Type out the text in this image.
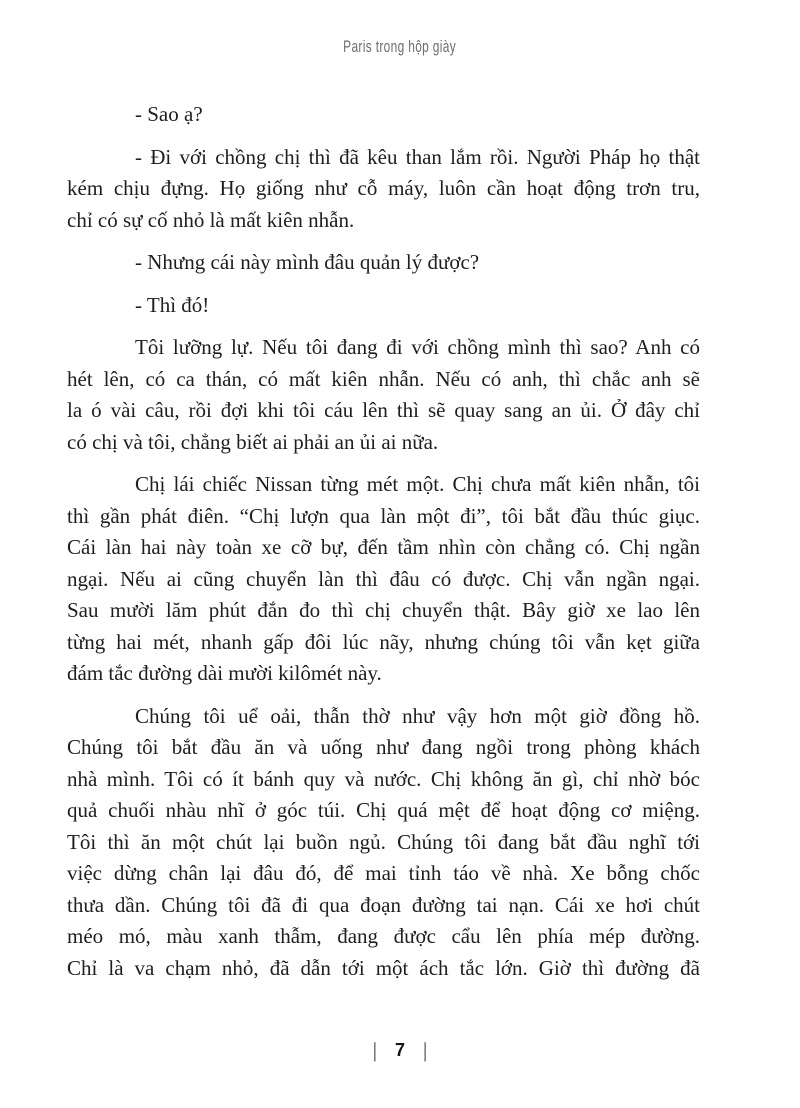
Paris trong hộp giày
- Sao ạ?
- Đi với chồng chị thì đã kêu than lắm rồi. Người Pháp họ thật
kém chịu đựng. Họ giống như cỗ máy, luôn cần hoạt động trơn tru,
chỉ có sự cố nhỏ là mất kiên nhẫn.
- Nhưng cái này mình đâu quản lý được?
- Thì đó!
Tôi lưỡng lự. Nếu tôi đang đi với chồng mình thì sao? Anh có
hét lên, có ca thán, có mất kiên nhẫn. Nếu có anh, thì chắc anh sẽ
la ó vài câu, rồi đợi khi tôi cáu lên thì sẽ quay sang an ủi. Ở đây chỉ
có chị và tôi, chẳng biết ai phải an ủi ai nữa.
Chị lái chiếc Nissan từng mét một. Chị chưa mất kiên nhẫn, tôi
thì gần phát điên. “Chị lượn qua làn một đi”, tôi bắt đầu thúc giục.
Cái làn hai này toàn xe cỡ bự, đến tầm nhìn còn chẳng có. Chị ngần
ngại. Nếu ai cũng chuyển làn thì đâu có được. Chị vẫn ngần ngại.
Sau mười lăm phút đắn đo thì chị chuyển thật. Bây giờ xe lao lên
từng hai mét, nhanh gấp đôi lúc nãy, nhưng chúng tôi vẫn kẹt giữa
đám tắc đường dài mười kilômét này.
Chúng tôi uể oải, thẫn thờ như vậy hơn một giờ đồng hồ.
Chúng tôi bắt đầu ăn và uống như đang ngồi trong phòng khách
nhà mình. Tôi có ít bánh quy và nước. Chị không ăn gì, chỉ nhờ bóc
quả chuối nhàu nhĩ ở góc túi. Chị quá mệt để hoạt động cơ miệng.
Tôi thì ăn một chút lại buồn ngủ. Chúng tôi đang bắt đầu nghĩ tới
việc dừng chân lại đâu đó, để mai tỉnh táo về nhà. Xe bỗng chốc
thưa dần. Chúng tôi đã đi qua đoạn đường tai nạn. Cái xe hơi chút
méo mó, màu xanh thẫm, đang được cẩu lên phía mép đường.
Chỉ là va chạm nhỏ, đã dẫn tới một ách tắc lớn. Giờ thì đường đã
| 7 |
